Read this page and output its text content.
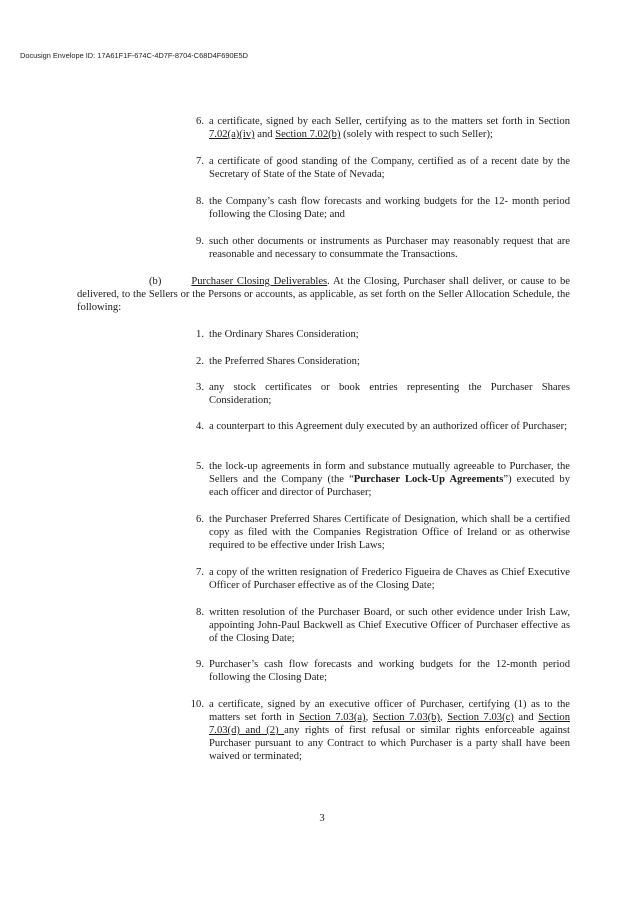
Docusign Envelope ID: 17A61F1F-674C-4D7F-8704-C68D4F690E5D
6. a certificate, signed by each Seller, certifying as to the matters set forth in Section 7.02(a)(iv) and Section 7.02(b) (solely with respect to such Seller);
7. a certificate of good standing of the Company, certified as of a recent date by the Secretary of State of the State of Nevada;
8. the Company’s cash flow forecasts and working budgets for the 12- month period following the Closing Date; and
9. such other documents or instruments as Purchaser may reasonably request that are reasonable and necessary to consummate the Transactions.
(b)	Purchaser Closing Deliverables. At the Closing, Purchaser shall deliver, or cause to be delivered, to the Sellers or the Persons or accounts, as applicable, as set forth on the Seller Allocation Schedule, the following:
1. the Ordinary Shares Consideration;
2. the Preferred Shares Consideration;
3. any stock certificates or book entries representing the Purchaser Shares Consideration;
4. a counterpart to this Agreement duly executed by an authorized officer of Purchaser;
5. the lock-up agreements in form and substance mutually agreeable to Purchaser, the Sellers and the Company (the “Purchaser Lock-Up Agreements”) executed by each officer and director of Purchaser;
6. the Purchaser Preferred Shares Certificate of Designation, which shall be a certified copy as filed with the Companies Registration Office of Ireland or as otherwise required to be effective under Irish Laws;
7. a copy of the written resignation of Frederico Figueira de Chaves as Chief Executive Officer of Purchaser effective as of the Closing Date;
8. written resolution of the Purchaser Board, or such other evidence under Irish Law, appointing John-Paul Backwell as Chief Executive Officer of Purchaser effective as of the Closing Date;
9. Purchaser’s cash flow forecasts and working budgets for the 12-month period following the Closing Date;
10. a certificate, signed by an executive officer of Purchaser, certifying (1) as to the matters set forth in Section 7.03(a), Section 7.03(b), Section 7.03(c) and Section 7.03(d) and (2) any rights of first refusal or similar rights enforceable against Purchaser pursuant to any Contract to which Purchaser is a party shall have been waived or terminated;
3
